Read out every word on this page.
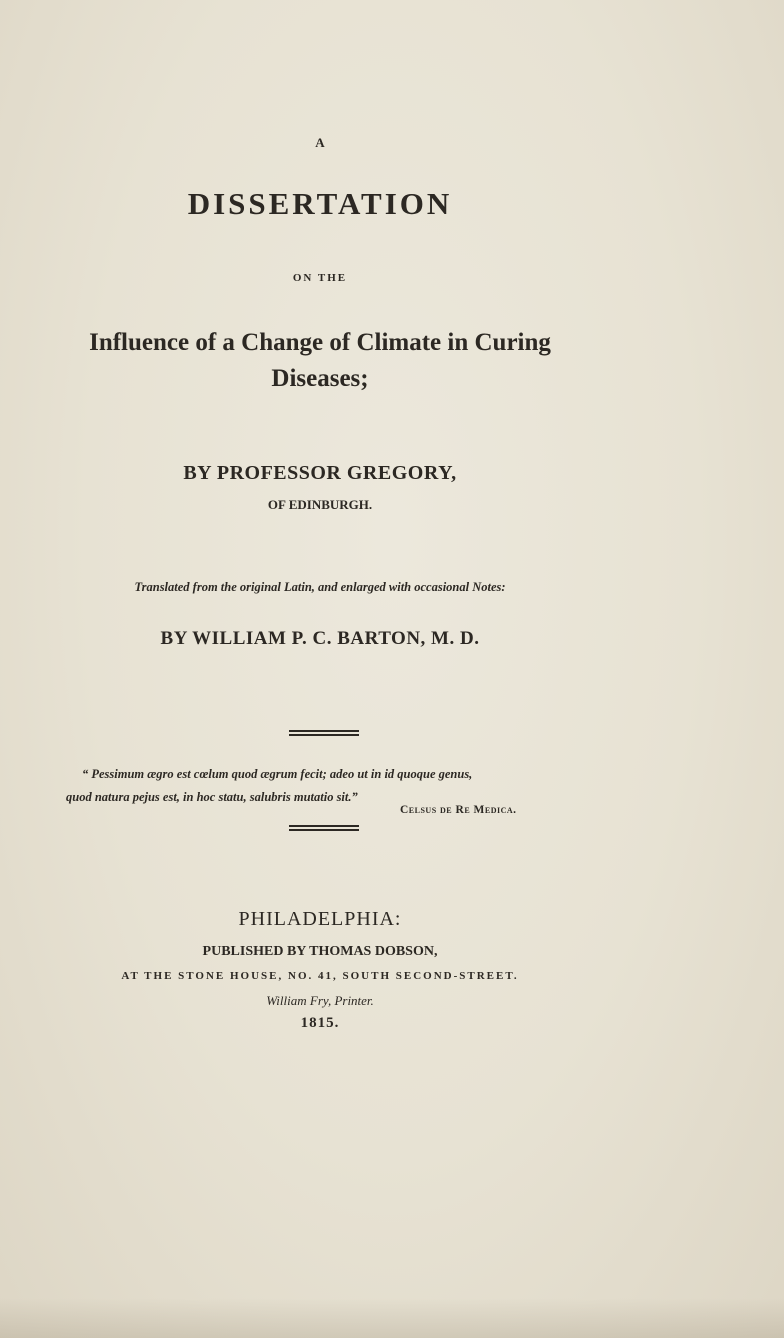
A
DISSERTATION
ON THE
Influence of a Change of Climate in Curing
Diseases;
BY PROFESSOR GREGORY,
OF EDINBURGH.
Translated from the original Latin, and enlarged with occasional Notes:
BY WILLIAM P. C. BARTON, M. D.
“ Pessimum ægro est cœlum quod ægrum fecit; adeo ut in id quoque genus,
quod natura pejus est, in hoc statu, salubris mutatio sit.”
Celsus de Re Medica.
PHILADELPHIA:
PUBLISHED BY THOMAS DOBSON,
AT THE STONE HOUSE, NO. 41, SOUTH SECOND-STREET.
William Fry, Printer.
1815.
